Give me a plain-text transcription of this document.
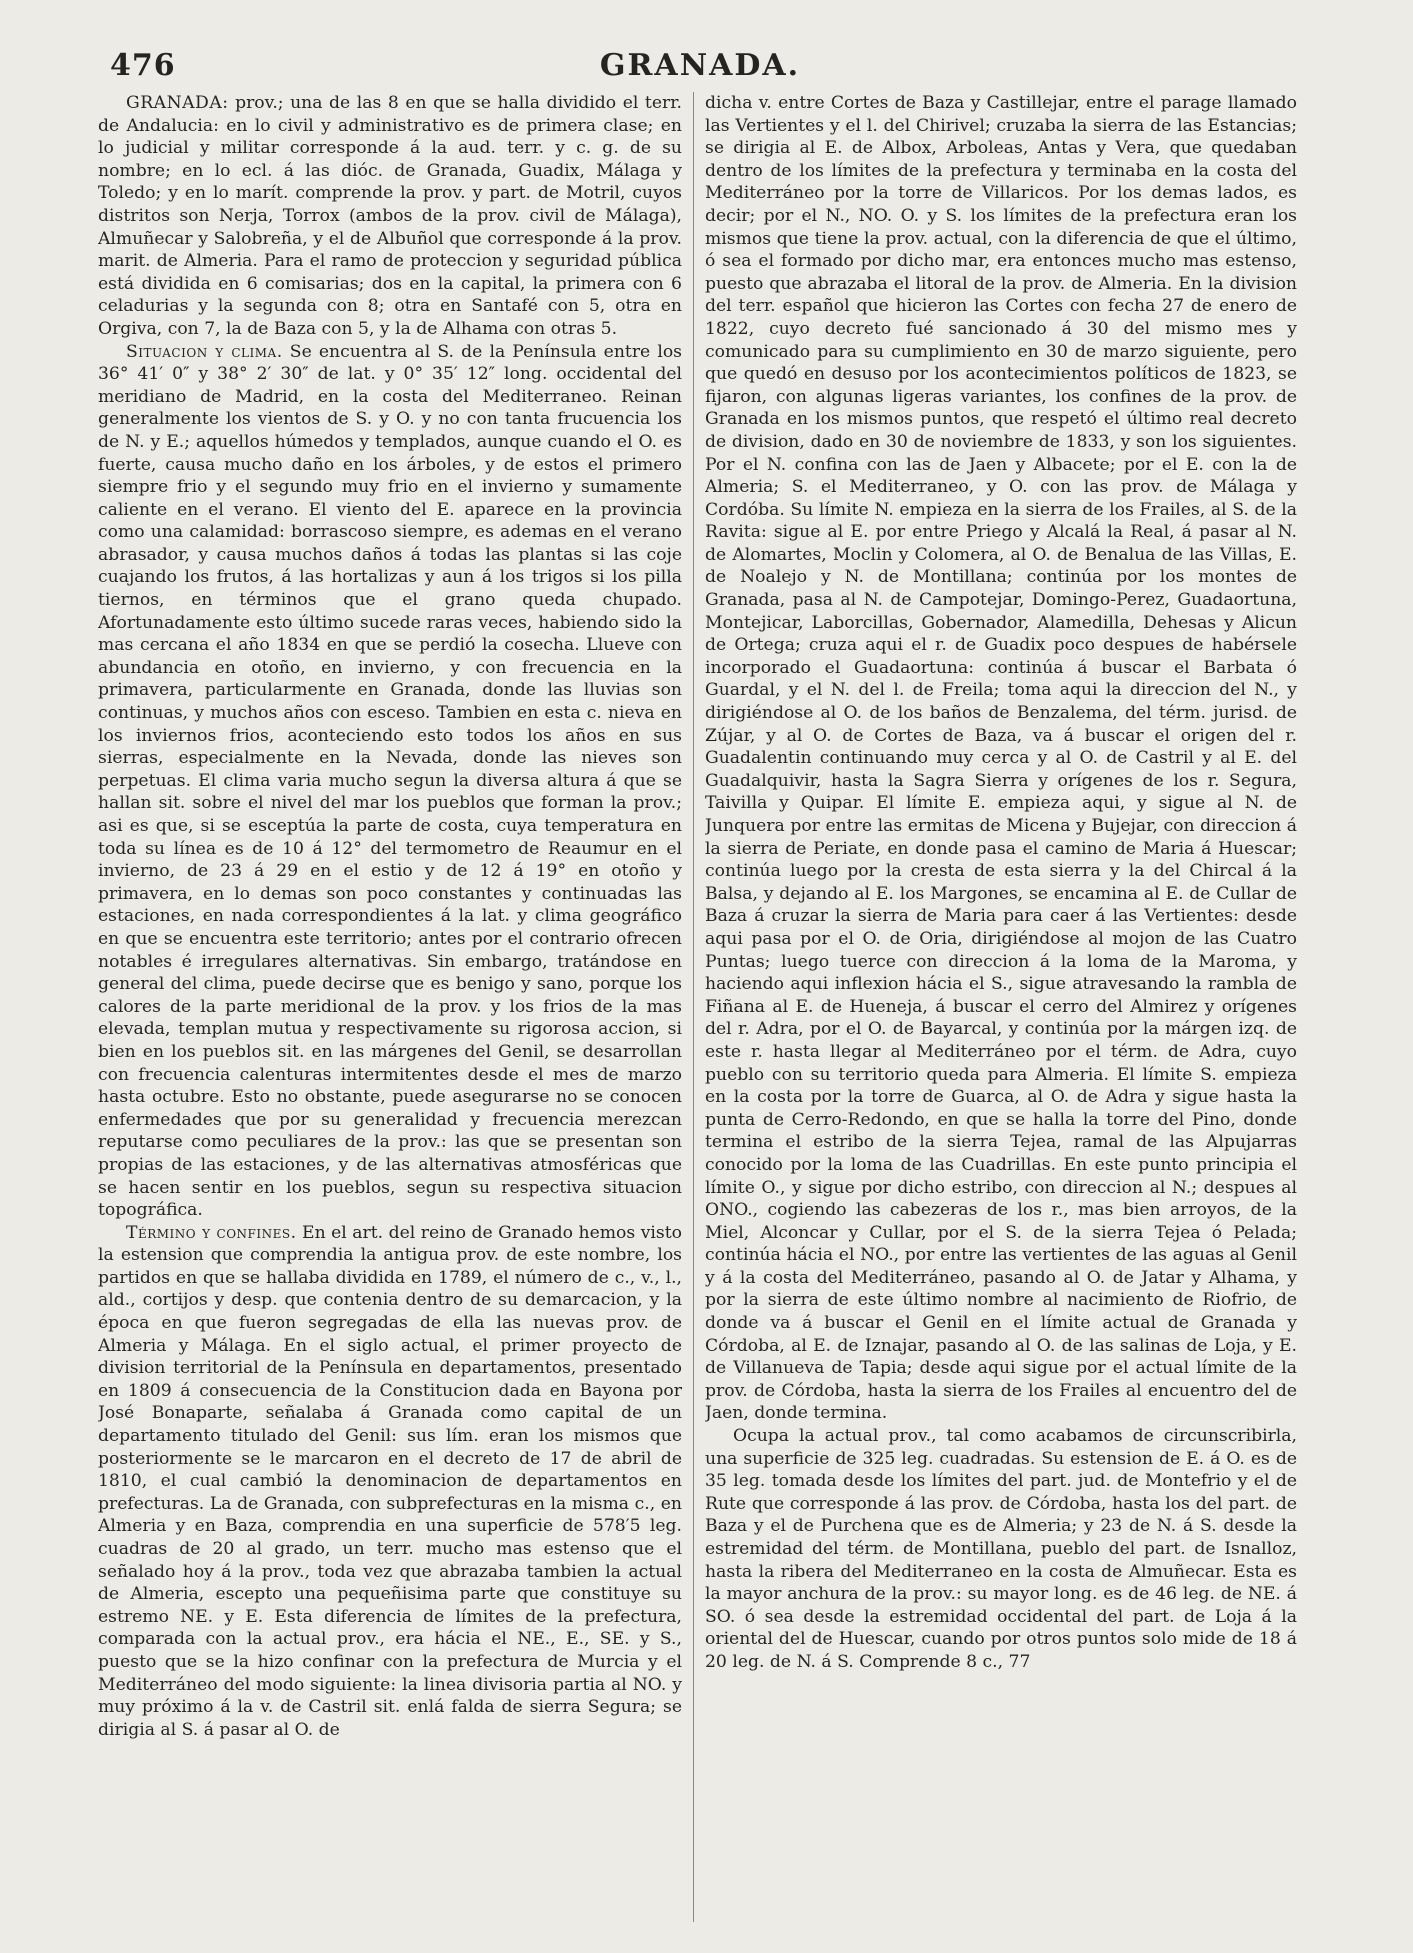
476	GRANADA.

GRANADA: prov.; una de las 8 en que se halla dividido el terr. de Andalucia: en lo civil y administrativo es de primera clase; en lo judicial y militar corresponde á la aud. terr. y c. g. de su nombre; en lo ecl. á las dióc. de Granada, Guadix, Málaga y Toledo; y en lo marít. comprende la prov. y part. de Motril, cuyos distritos son Nerja, Torrox (ambos de la prov. civil de Málaga), Almuñecar y Salobreña, y el de Albuñol que corresponde á la prov. marit. de Almeria. Para el ramo de proteccion y seguridad pública está dividida en 6 comisarias; dos en la capital, la primera con 6 celadurias y la segunda con 8; otra en Santafé con 5, otra en Orgiva, con 7, la de Baza con 5, y la de Alhama con otras 5.

Situacion y clima. Se encuentra al S. de la Península entre los 36° 41′ 0″ y 38° 2′ 30″ de lat. y 0° 35′ 12″ long. occidental del meridiano de Madrid, en la costa del Mediterraneo. Reinan generalmente los vientos de S. y O. y no con tanta frucuencia los de N. y E.; aquellos húmedos y templados, aunque cuando el O. es fuerte, causa mucho daño en los árboles, y de estos el primero siempre frio y el segundo muy frio en el invierno y sumamente caliente en el verano. El viento del E. aparece en la provincia como una calamidad: borrascoso siempre, es ademas en el verano abrasador, y causa muchos daños á todas las plantas si las coje cuajando los frutos, á las hortalizas y aun á los trigos si los pilla tiernos, en términos que el grano queda chupado. Afortunadamente esto último sucede raras veces, habiendo sido la mas cercana el año 1834 en que se perdió la cosecha. Llueve con abundancia en otoño, en invierno, y con frecuencia en la primavera, particularmente en Granada, donde las lluvias son continuas, y muchos años con esceso. Tambien en esta c. nieva en los inviernos frios, aconteciendo esto todos los años en sus sierras, especialmente en la Nevada, donde las nieves son perpetuas. El clima varia mucho segun la diversa altura á que se hallan sit. sobre el nivel del mar los pueblos que forman la prov.; asi es que, si se esceptúa la parte de costa, cuya temperatura en toda su línea es de 10 á 12° del termometro de Reaumur en el invierno, de 23 á 29 en el estio y de 12 á 19° en otoño y primavera, en lo demas son poco constantes y continuadas las estaciones, en nada correspondientes á la lat. y clima geográfico en que se encuentra este territorio; antes por el contrario ofrecen notables é irregulares alternativas. Sin embargo, tratándose en general del clima, puede decirse que es benigo y sano, porque los calores de la parte meridional de la prov. y los frios de la mas elevada, templan mutua y respectivamente su rigorosa accion, si bien en los pueblos sit. en las márgenes del Genil, se desarrollan con frecuencia calenturas intermitentes desde el mes de marzo hasta octubre. Esto no obstante, puede asegurarse no se conocen enfermedades que por su generalidad y frecuencia merezcan reputarse como peculiares de la prov.: las que se presentan son propias de las estaciones, y de las alternativas atmosféricas que se hacen sentir en los pueblos, segun su respectiva situacion topográfica.

Término y confines. En el art. del reino de Granado hemos visto la estension que comprendia la antigua prov. de este nombre, los partidos en que se hallaba dividida en 1789, el número de c., v., l., ald., cortijos y desp. que contenia dentro de su demarcacion, y la época en que fueron segregadas de ella las nuevas prov. de Almeria y Málaga. En el siglo actual, el primer proyecto de division territorial de la Península en departamentos, presentado en 1809 á consecuencia de la Constitucion dada en Bayona por José Bonaparte, señalaba á Granada como capital de un departamento titulado del Genil: sus lím. eran los mismos que posteriormente se le marcaron en el decreto de 17 de abril de 1810, el cual cambió la denominacion de departamentos en prefecturas. La de Granada, con subprefecturas en la misma c., en Almeria y en Baza, comprendia en una superficie de 578′5 leg. cuadras de 20 al grado, un terr. mucho mas estenso que el señalado hoy á la prov., toda vez que abrazaba tambien la actual de Almeria, escepto una pequeñisima parte que constituye su estremo NE. y E. Esta diferencia de límites de la prefectura, comparada con la actual prov., era hácia el NE., E., SE. y S., puesto que se la hizo confinar con la prefectura de Murcia y el Mediterráneo del modo siguiente: la linea divisoria partia al NO. y muy próximo á la v. de Castril sit. enlá falda de sierra Segura; se dirigia al S. á pasar al O. de

dicha v. entre Cortes de Baza y Castillejar, entre el parage llamado las Vertientes y el l. del Chirivel; cruzaba la sierra de las Estancias; se dirigia al E. de Albox, Arboleas, Antas y Vera, que quedaban dentro de los límites de la prefectura y terminaba en la costa del Mediterráneo por la torre de Villaricos. Por los demas lados, es decir; por el N., NO. O. y S. los límites de la prefectura eran los mismos que tiene la prov. actual, con la diferencia de que el último, ó sea el formado por dicho mar, era entonces mucho mas estenso, puesto que abrazaba el litoral de la prov. de Almeria. En la division del terr. español que hicieron las Cortes con fecha 27 de enero de 1822, cuyo decreto fué sancionado á 30 del mismo mes y comunicado para su cumplimiento en 30 de marzo siguiente, pero que quedó en desuso por los acontecimientos políticos de 1823, se fijaron, con algunas ligeras variantes, los confines de la prov. de Granada en los mismos puntos, que respetó el último real decreto de division, dado en 30 de noviembre de 1833, y son los siguientes. Por el N. confina con las de Jaen y Albacete; por el E. con la de Almeria; S. el Mediterraneo, y O. con las prov. de Málaga y Cordóba. Su límite N. empieza en la sierra de los Frailes, al S. de la Ravita: sigue al E. por entre Priego y Alcalá la Real, á pasar al N. de Alomartes, Moclin y Colomera, al O. de Benalua de las Villas, E. de Noalejo y N. de Montillana; continúa por los montes de Granada, pasa al N. de Campotejar, Domingo-Perez, Guadaortuna, Montejicar, Laborcillas, Gobernador, Alamedilla, Dehesas y Alicun de Ortega; cruza aqui el r. de Guadix poco despues de habérsele incorporado el Guadaortuna: continúa á buscar el Barbata ó Guardal, y el N. del l. de Freila; toma aqui la direccion del N., y dirigiéndose al O. de los baños de Benzalema, del térm. jurisd. de Zújar, y al O. de Cortes de Baza, va á buscar el origen del r. Guadalentin continuando muy cerca y al O. de Castril y al E. del Guadalquivir, hasta la Sagra Sierra y orígenes de los r. Segura, Taivilla y Quipar. El límite E. empieza aqui, y sigue al N. de Junquera por entre las ermitas de Micena y Bujejar, con direccion á la sierra de Periate, en donde pasa el camino de Maria á Huescar; continúa luego por la cresta de esta sierra y la del Chircal á la Balsa, y dejando al E. los Margones, se encamina al E. de Cullar de Baza á cruzar la sierra de Maria para caer á las Vertientes: desde aqui pasa por el O. de Oria, dirigiéndose al mojon de las Cuatro Puntas; luego tuerce con direccion á la loma de la Maroma, y haciendo aqui inflexion hácia el S., sigue atravesando la rambla de Fiñana al E. de Hueneja, á buscar el cerro del Almirez y orígenes del r. Adra, por el O. de Bayarcal, y continúa por la márgen izq. de este r. hasta llegar al Mediterráneo por el térm. de Adra, cuyo pueblo con su territorio queda para Almeria. El límite S. empieza en la costa por la torre de Guarca, al O. de Adra y sigue hasta la punta de Cerro-Redondo, en que se halla la torre del Pino, donde termina el estribo de la sierra Tejea, ramal de las Alpujarras conocido por la loma de las Cuadrillas. En este punto principia el límite O., y sigue por dicho estribo, con direccion al N.; despues al ONO., cogiendo las cabezeras de los r., mas bien arroyos, de la Miel, Alconcar y Cullar, por el S. de la sierra Tejea ó Pelada; continúa hácia el NO., por entre las vertientes de las aguas al Genil y á la costa del Mediterráneo, pasando al O. de Jatar y Alhama, y por la sierra de este último nombre al nacimiento de Riofrio, de donde va á buscar el Genil en el límite actual de Granada y Córdoba, al E. de Iznajar, pasando al O. de las salinas de Loja, y E. de Villanueva de Tapia; desde aqui sigue por el actual límite de la prov. de Córdoba, hasta la sierra de los Frailes al encuentro del de Jaen, donde termina.

Ocupa la actual prov., tal como acabamos de circunscribirla, una superficie de 325 leg. cuadradas. Su estension de E. á O. es de 35 leg. tomada desde los límites del part. jud. de Montefrio y el de Rute que corresponde á las prov. de Córdoba, hasta los del part. de Baza y el de Purchena que es de Almeria; y 23 de N. á S. desde la estremidad del térm. de Montillana, pueblo del part. de Isnalloz, hasta la ribera del Mediterraneo en la costa de Almuñecar. Esta es la mayor anchura de la prov.: su mayor long. es de 46 leg. de NE. á SO. ó sea desde la estremidad occidental del part. de Loja á la oriental del de Huescar, cuando por otros puntos solo mide de 18 á 20 leg. de N. á S. Comprende 8 c., 77
